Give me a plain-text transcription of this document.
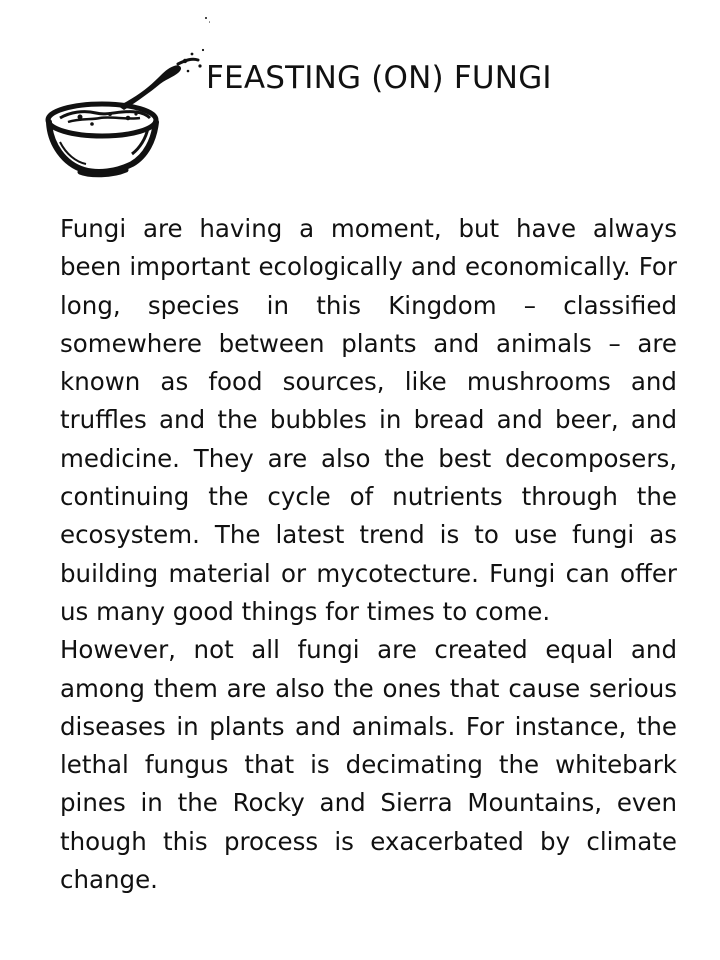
FEASTING (ON) FUNGI

Fungi are having a moment, but have always been important ecologically and economically. For long, species in this Kingdom – classified somewhere between plants and animals – are known as food sources, like mushrooms and truffles and the bubbles in bread and beer, and medicine. They are also the best decomposers, continuing the cycle of nutrients through the ecosystem. The latest trend is to use fungi as building material or mycotecture. Fungi can offer us many good things for times to come.

However, not all fungi are created equal and among them are also the ones that cause serious diseases in plants and animals. For instance, the lethal fungus that is decimating the whitebark pines in the Rocky and Sierra Mountains, even though this process is exacerbated by climate change.
